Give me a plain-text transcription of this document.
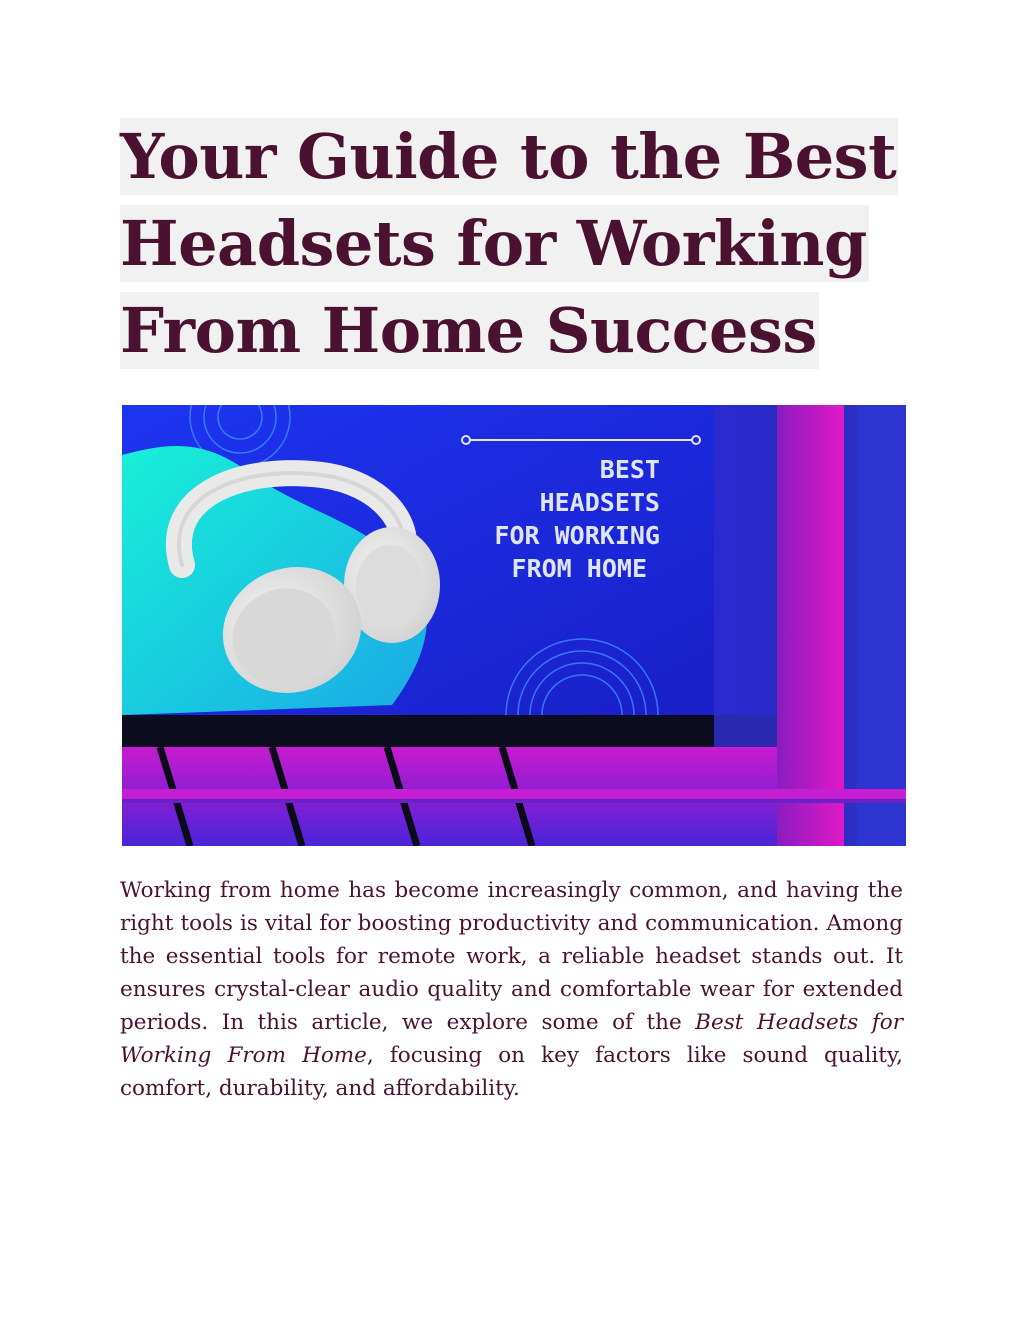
Your Guide to the Best
Headsets for Working
From Home Success
BEST
HEADSETS
FOR WORKING
FROM HOME

Working from home has become increasingly common, and having the right tools is vital for boosting productivity and communication. Among the essential tools for remote work, a reliable headset stands out. It ensures crystal-clear audio quality and comfortable wear for extended periods. In this article, we explore some of the Best Headsets for Working From Home, focusing on key factors like sound quality, comfort, durability, and affordability.
